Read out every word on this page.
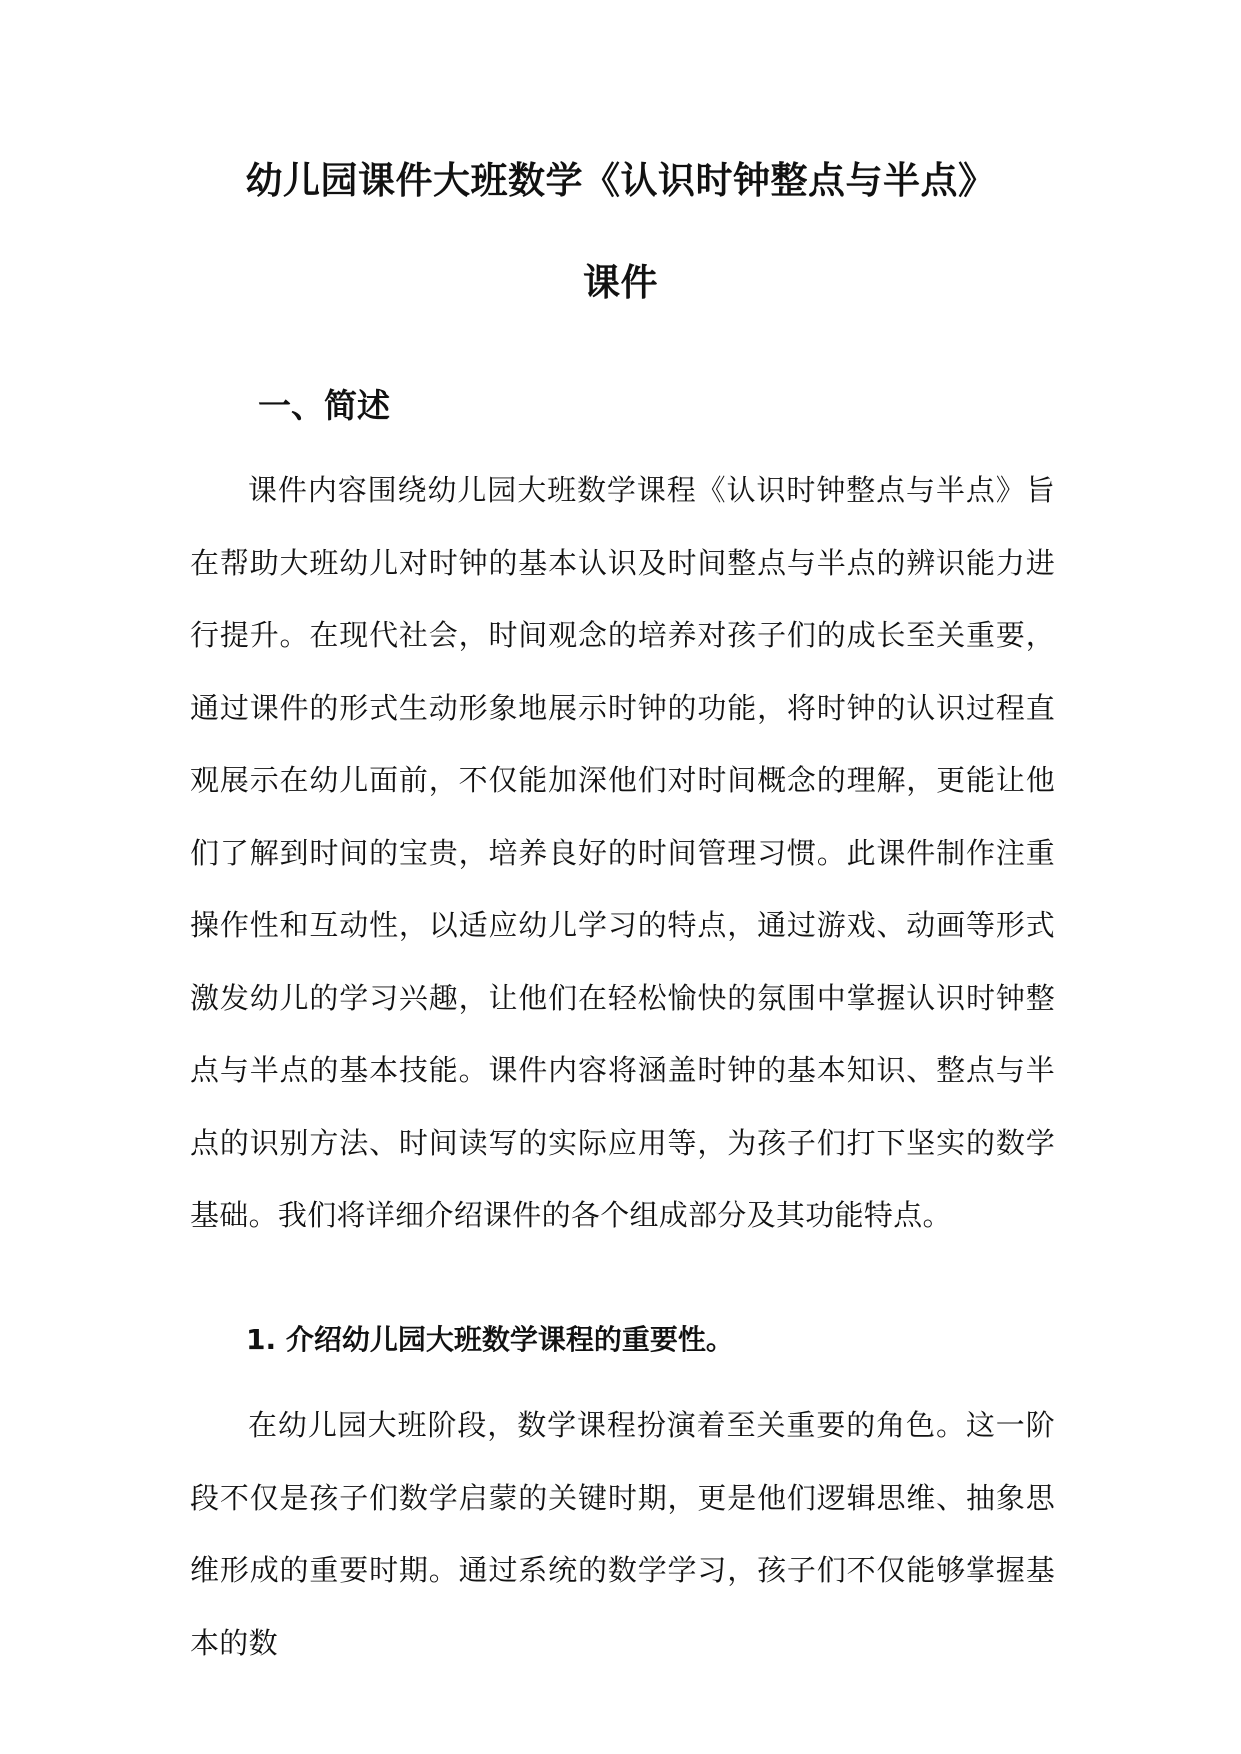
幼儿园课件大班数学《认识时钟整点与半点》
课件
一、简述

课件内容围绕幼儿园大班数学课程《认识时钟整点与半点》旨在帮助大班幼儿对时钟的基本认识及时间整点与半点的辨识能力进行提升。在现代社会，时间观念的培养对孩子们的成长至关重要，通过课件的形式生动形象地展示时钟的功能，将时钟的认识过程直观展示在幼儿面前，不仅能加深他们对时间概念的理解，更能让他们了解到时间的宝贵，培养良好的时间管理习惯。此课件制作注重操作性和互动性，以适应幼儿学习的特点，通过游戏、动画等形式激发幼儿的学习兴趣，让他们在轻松愉快的氛围中掌握认识时钟整点与半点的基本技能。课件内容将涵盖时钟的基本知识、整点与半点的识别方法、时间读写的实际应用等，为孩子们打下坚实的数学基础。我们将详细介绍课件的各个组成部分及其功能特点。

1. 介绍幼儿园大班数学课程的重要性。

在幼儿园大班阶段，数学课程扮演着至关重要的角色。这一阶段不仅是孩子们数学启蒙的关键时期，更是他们逻辑思维、抽象思维形成的重要时期。通过系统的数学学习，孩子们不仅能够掌握基本的数
